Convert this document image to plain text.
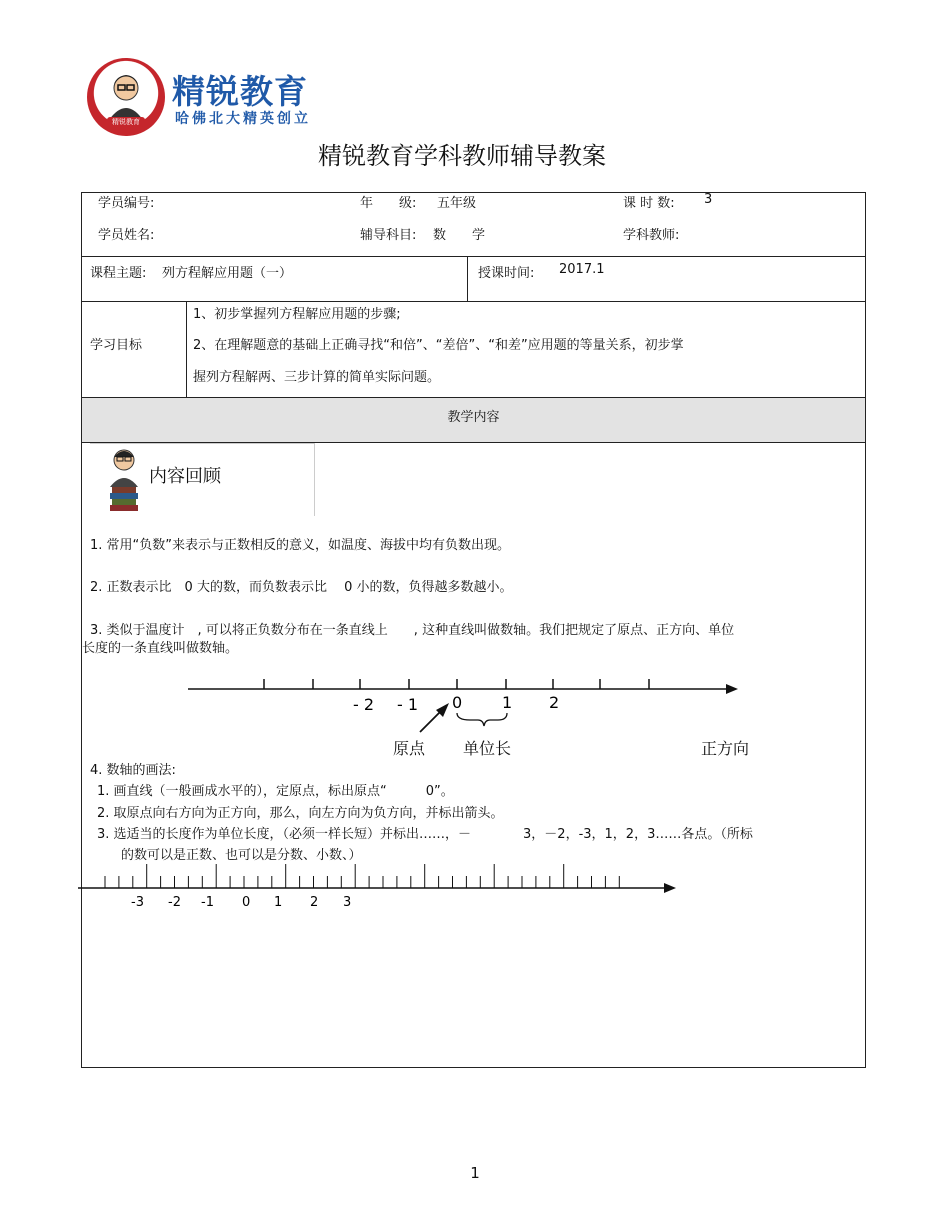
精锐教育
精锐教育
哈佛北大精英创立
精锐教育学科教师辅导教案
学员编号:	年　　级: 五年级	课 时 数: 3
学员姓名:	辅导科目: 数　　学	学科教师:
课程主题: 列方程解应用题（一）	授课时间: 2017.1
学习目标
1、初步掌握列方程解应用题的步骤;
2、在理解题意的基础上正确寻找“和倍”、“差倍”、“和差”应用题的等量关系，初步掌
握列方程解两、三步计算的简单实际问题。
教学内容
内容回顾
1. 常用“负数”来表示与正数相反的意义，如温度、海拔中均有负数出现。
2. 正数表示比　0 大的数，而负数表示比　 0 小的数，负得越多数越小。
3. 类似于温度计　, 可以将正负数分布在一条直线上　　, 这种直线叫做数轴。我们把规定了原点、正方向、单位
长度的一条直线叫做数轴。
- 2 - 1 0 1 2
原点 单位长	正方向
4. 数轴的画法:
1. 画直线（一般画成水平的），定原点，标出原点“　　　0”。
2. 取原点向右方向为正方向，那么，向左方向为负方向，并标出箭头。
3. 选适当的长度作为单位长度，（必须一样长短）并标出……，－　　　　3，－2，-3，1，2，3……各点。（所标
的数可以是正数、也可以是分数、小数、）
-3 -2 -1 0 1 2 3
1
